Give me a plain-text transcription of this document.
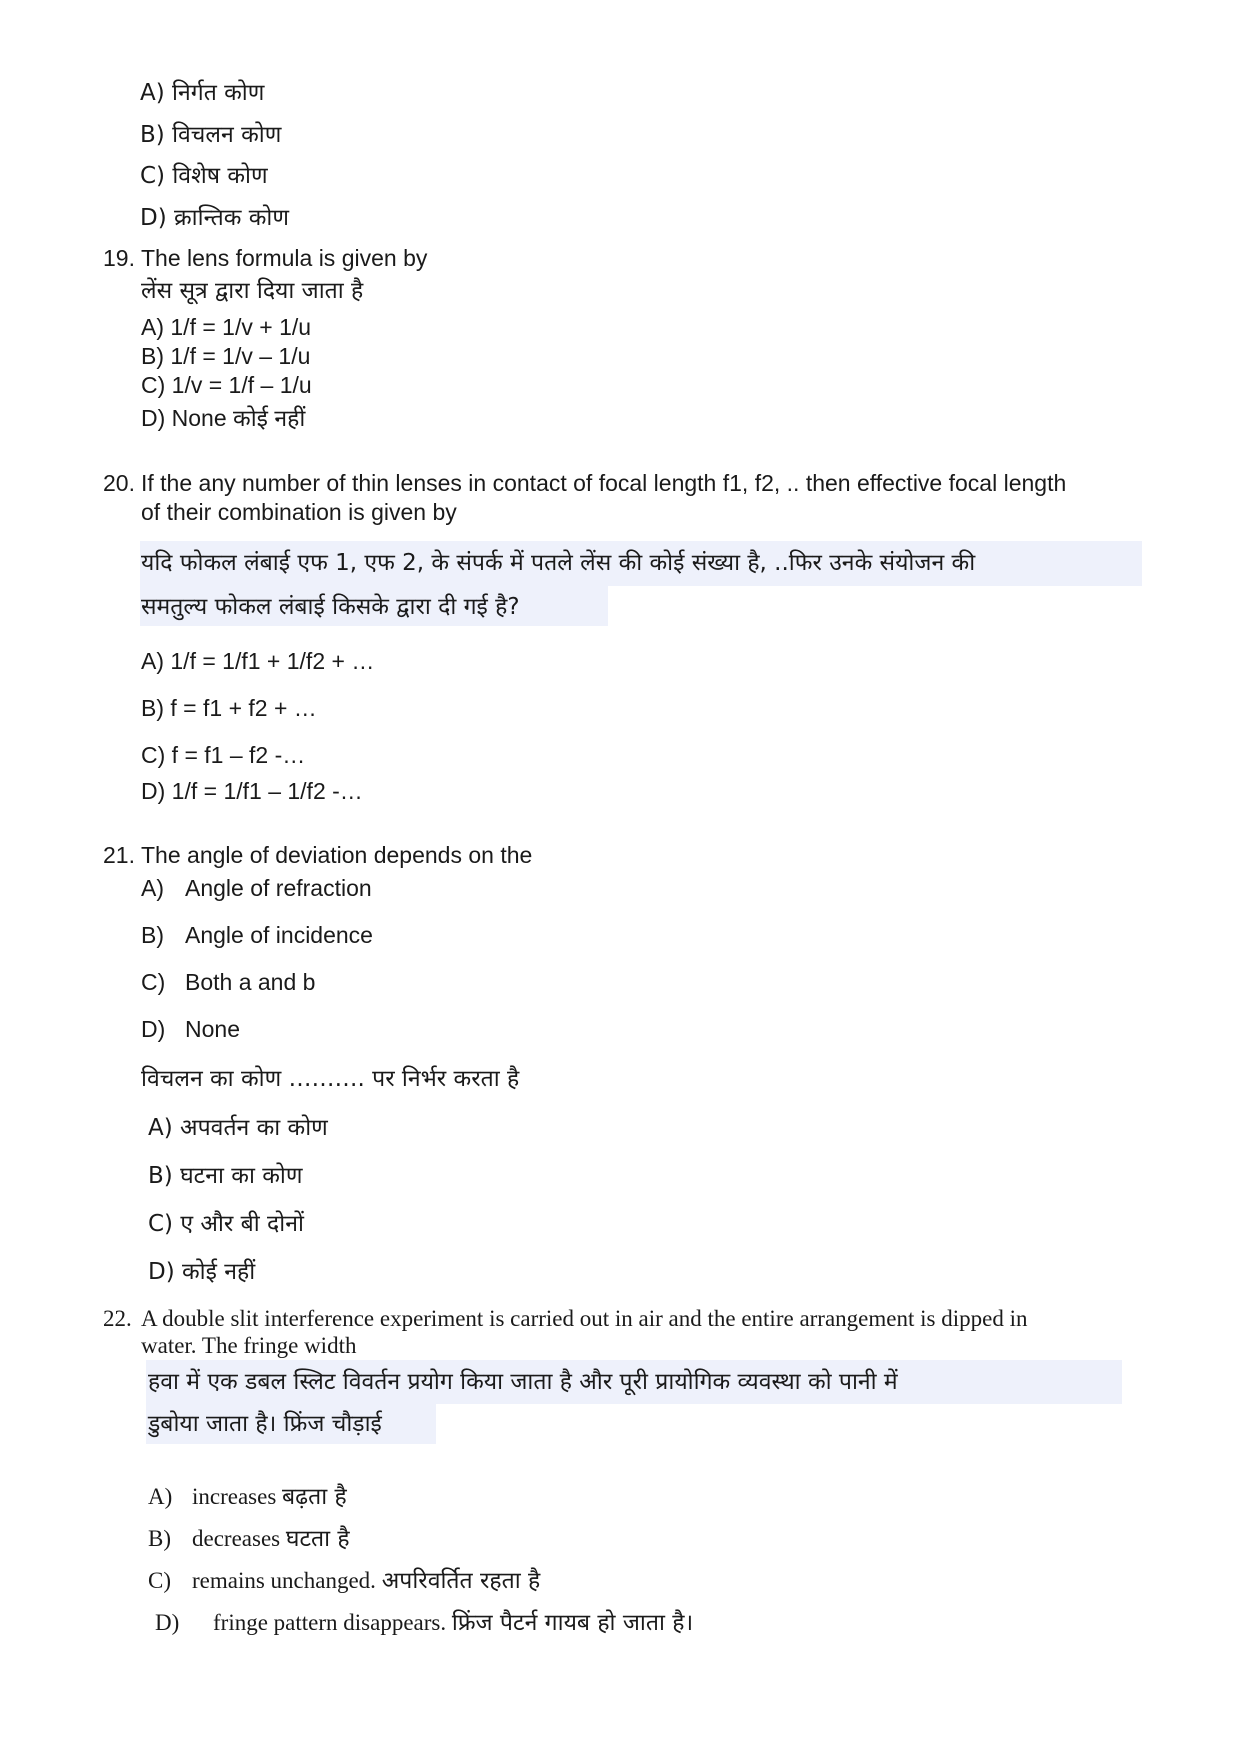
A) निर्गत कोण
B) विचलन कोण
C) विशेष कोण
D) क्रान्तिक कोण
19. The lens formula is given by
लेंस सूत्र द्वारा दिया जाता है
A) 1/f = 1/v + 1/u
B) 1/f = 1/v – 1/u
C) 1/v = 1/f – 1/u
D) None कोई नहीं
20. If the any number of thin lenses in contact of focal length f1, f2, .. then effective focal length
of their combination is given by
यदि फोकल लंबाई एफ 1, एफ 2, के संपर्क में पतले लेंस की कोई संख्या है, ..फिर उनके संयोजन की
समतुल्य फोकल लंबाई किसके द्वारा दी गई है?
A) 1/f = 1/f1 + 1/f2 + …
B) f = f1 + f2 + …
C) f = f1 – f2 -…
D) 1/f = 1/f1 – 1/f2 -…
21. The angle of deviation depends on the
A) Angle of refraction
B) Angle of incidence
C) Both a and b
D) None
विचलन का कोण ………. पर निर्भर करता है
A) अपवर्तन का कोण
B) घटना का कोण
C) ए और बी दोनों
D) कोई नहीं
22. A double slit interference experiment is carried out in air and the entire arrangement is dipped in
water. The fringe width
हवा में एक डबल स्लिट विवर्तन प्रयोग किया जाता है और पूरी प्रायोगिक व्यवस्था को पानी में
डुबोया जाता है। फ्रिंज चौड़ाई
A) increases बढ़ता है
B) decreases घटता है
C) remains unchanged. अपरिवर्तित रहता है
D) fringe pattern disappears. फ्रिंज पैटर्न गायब हो जाता है।
